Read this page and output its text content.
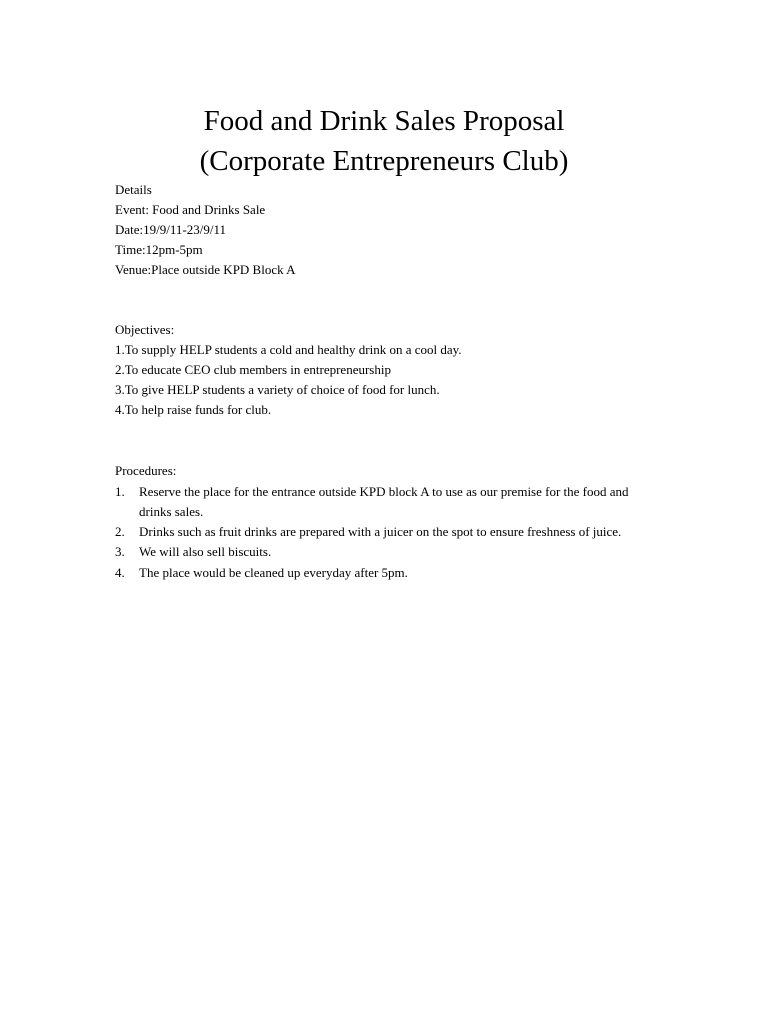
Food and Drink Sales Proposal
(Corporate Entrepreneurs Club)
Details
Event: Food and Drinks Sale
Date:19/9/11-23/9/11
Time:12pm-5pm
Venue:Place outside KPD Block A
Objectives:
1.To supply HELP students a cold and healthy drink on a cool day.
2.To educate CEO club members in entrepreneurship
3.To give HELP students a variety of choice of food for lunch.
4.To help raise funds for club.
Procedures:
1. Reserve the place for the entrance outside KPD block A to use as our premise for the food and drinks sales.
2. Drinks such as fruit drinks are prepared with a juicer on the spot to ensure freshness of juice.
3. We will also sell biscuits.
4. The place would be cleaned up everyday after 5pm.
